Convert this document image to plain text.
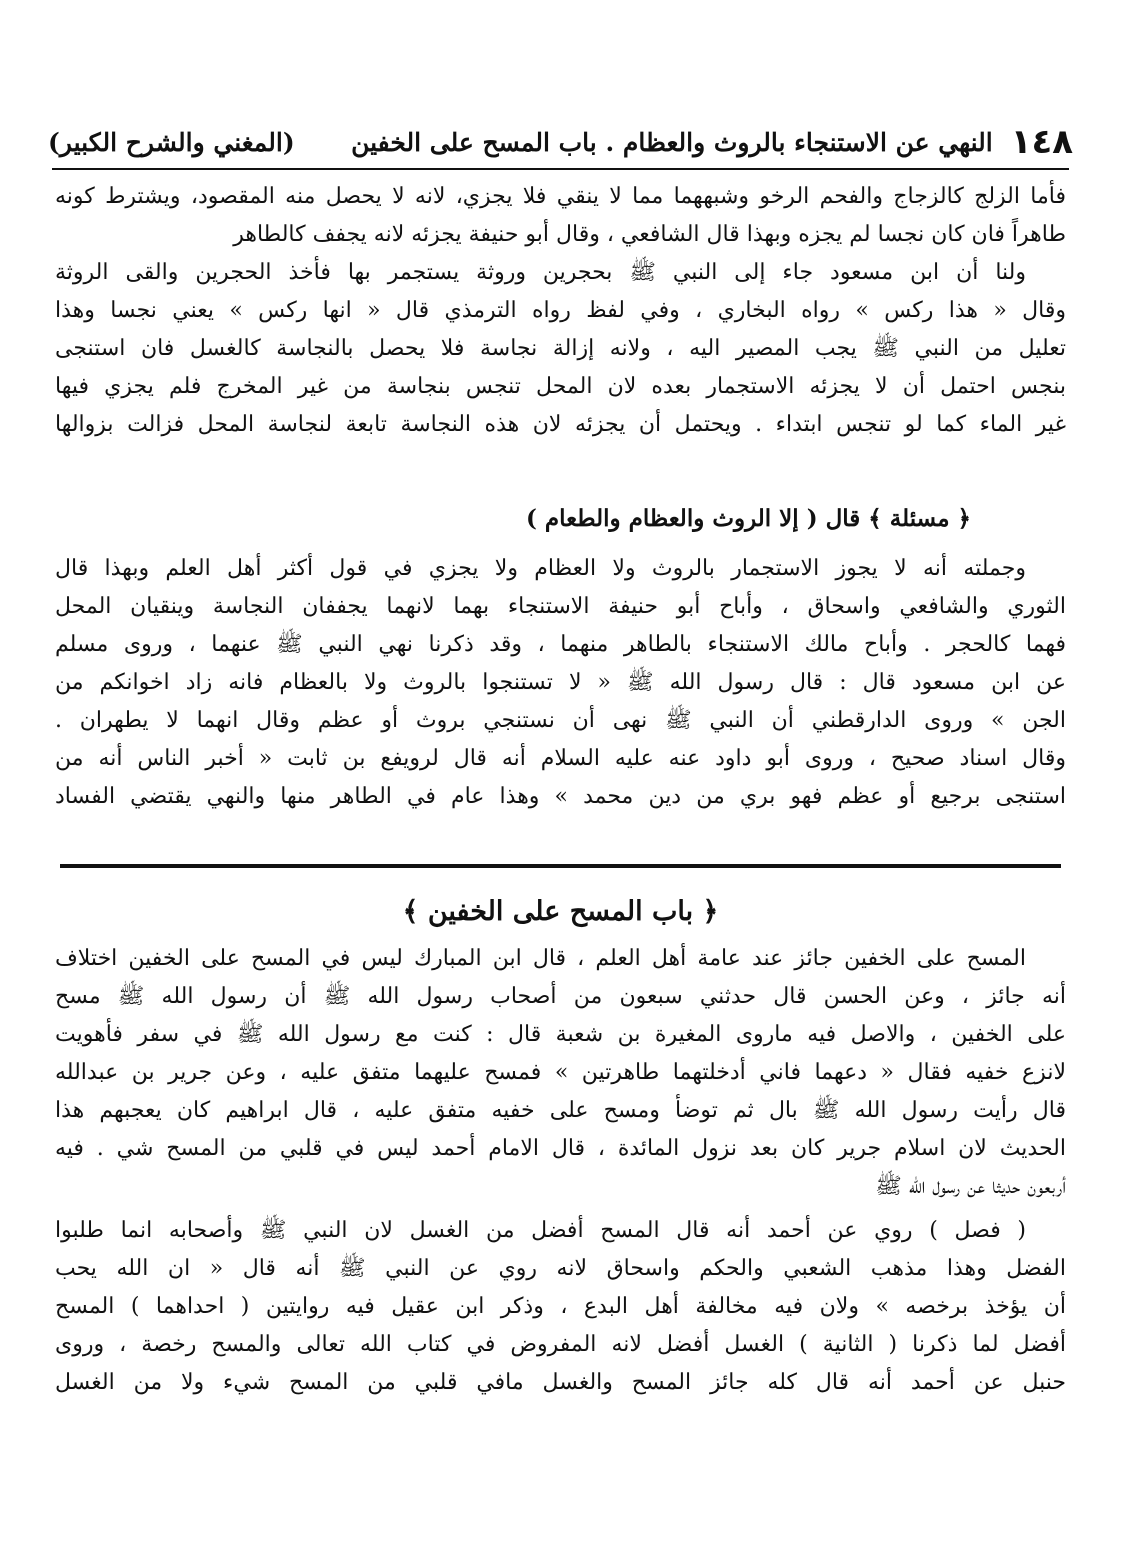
١٤٨
النهي عن الاستنجاء بالروث والعظام . باب المسح على الخفين
(المغني والشرح الكبير)
فأما الزلج كالزجاج والفحم الرخو وشبههما مما لا ينقي فلا يجزي، لانه لا يحصل منه المقصود، ويشترط كونه
طاهراً فان كان نجسا لم يجزه وبهذا قال الشافعي ، وقال أبو حنيفة يجزئه لانه يجفف كالطاهر
ولنا أن ابن مسعود جاء إلى النبي ﷺ بحجرين وروثة يستجمر بها فأخذ الحجرين والقى الروثة
وقال « هذا ركس » رواه البخاري ، وفي لفظ رواه الترمذي قال « انها ركس » يعني نجسا وهذا
تعليل من النبي ﷺ يجب المصير اليه ، ولانه إزالة نجاسة فلا يحصل بالنجاسة كالغسل فان استنجى
بنجس احتمل أن لا يجزئه الاستجمار بعده لان المحل تنجس بنجاسة من غير المخرج فلم يجزي فيها
غير الماء كما لو تنجس ابتداء . ويحتمل أن يجزئه لان هذه النجاسة تابعة لنجاسة المحل فزالت بزوالها
﴿ مسئلة ﴾ قال ( إلا الروث والعظام والطعام )
وجملته أنه لا يجوز الاستجمار بالروث ولا العظام ولا يجزي في قول أكثر أهل العلم وبهذا قال
الثوري والشافعي واسحاق ، وأباح أبو حنيفة الاستنجاء بهما لانهما يجففان النجاسة وينقيان المحل
فهما كالحجر . وأباح مالك الاستنجاء بالطاهر منهما ، وقد ذكرنا نهي النبي ﷺ عنهما ، وروى مسلم
عن ابن مسعود قال : قال رسول الله ﷺ « لا تستنجوا بالروث ولا بالعظام فانه زاد اخوانكم من
الجن » وروى الدارقطني أن النبي ﷺ نهى أن نستنجي بروث أو عظم وقال انهما لا يطهران .
وقال اسناد صحيح ، وروى أبو داود عنه عليه السلام أنه قال لرويفع بن ثابت « أخبر الناس أنه من
استنجى برجيع أو عظم فهو بري من دين محمد » وهذا عام في الطاهر منها والنهي يقتضي الفساد
﴿ باب المسح على الخفين ﴾
المسح على الخفين جائز عند عامة أهل العلم ، قال ابن المبارك ليس في المسح على الخفين اختلاف
أنه جائز ، وعن الحسن قال حدثني سبعون من أصحاب رسول الله ﷺ أن رسول الله ﷺ مسح
على الخفين ، والاصل فيه ماروى المغيرة بن شعبة قال : كنت مع رسول الله ﷺ في سفر فأهويت
لانزع خفيه فقال « دعهما فاني أدخلتهما طاهرتين » فمسح عليهما متفق عليه ، وعن جرير بن عبدالله
قال رأيت رسول الله ﷺ بال ثم توضأ ومسح على خفيه متفق عليه ، قال ابراهيم كان يعجبهم هذا
الحديث لان اسلام جرير كان بعد نزول المائدة ، قال الامام أحمد ليس في قلبي من المسح شي . فيه
أربعون حديثا عن رسول الله ﷺ
( فصل ) روي عن أحمد أنه قال المسح أفضل من الغسل لان النبي ﷺ وأصحابه انما طلبوا
الفضل وهذا مذهب الشعبي والحكم واسحاق لانه روي عن النبي ﷺ أنه قال « ان الله يحب
أن يؤخذ برخصه » ولان فيه مخالفة أهل البدع ، وذكر ابن عقيل فيه روايتين ( احداهما ) المسح
أفضل لما ذكرنا ( الثانية ) الغسل أفضل لانه المفروض في كتاب الله تعالى والمسح رخصة ، وروى
حنبل عن أحمد أنه قال كله جائز المسح والغسل مافي قلبي من المسح شيء ولا من الغسل
